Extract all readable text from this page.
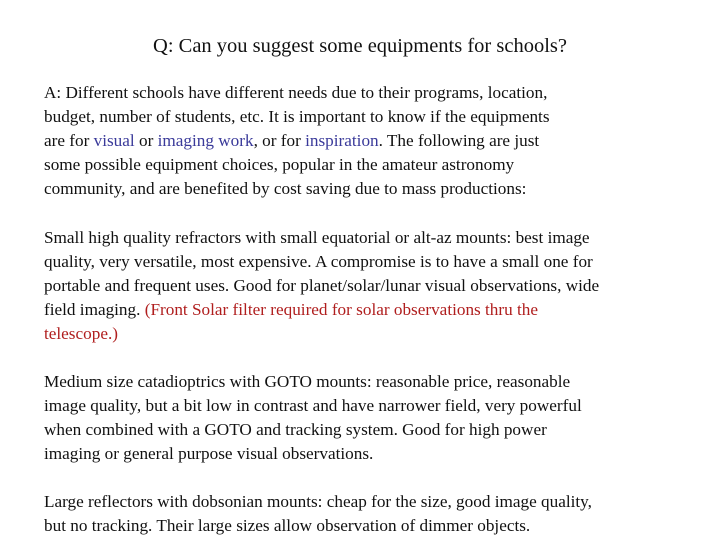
Q: Can you suggest some equipments for schools?
A: Different schools have different needs due to their programs, location,
budget, number of students, etc. It is important to know if the equipments
are for visual or imaging work, or for inspiration. The following are just
some possible equipment choices, popular in the amateur astronomy
community, and are benefited by cost saving due to mass productions:
Small high quality refractors with small equatorial or alt-az mounts: best image
quality, very versatile, most expensive. A compromise is to have a small one for
portable and frequent uses. Good for planet/solar/lunar visual observations, wide
field imaging. (Front Solar filter required for solar observations thru the
telescope.)
Medium size catadioptrics with GOTO mounts: reasonable price, reasonable
image quality, but a bit low in contrast and have narrower field, very powerful
when combined with a GOTO and tracking system. Good for high power
imaging or general purpose visual observations.
Large reflectors with dobsonian mounts: cheap for the size, good image quality,
but no tracking. Their large sizes allow observation of dimmer objects.
